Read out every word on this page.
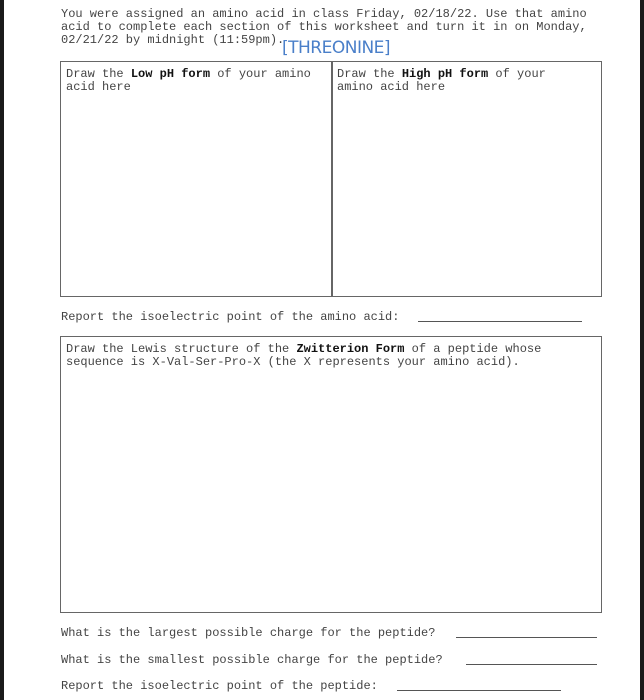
You were assigned an amino acid in class Friday, 02/18/22. Use that amino
acid to complete each section of this worksheet and turn it in on Monday,
02/21/22 by midnight (11:59pm).
[THREONINE]
Draw the Low pH form of your amino
acid here
Draw the High pH form of your
amino acid here
Report the isoelectric point of the amino acid:
Draw the Lewis structure of the Zwitterion Form of a peptide whose
sequence is X-Val-Ser-Pro-X (the X represents your amino acid).
What is the largest possible charge for the peptide?
What is the smallest possible charge for the peptide?
Report the isoelectric point of the peptide:
